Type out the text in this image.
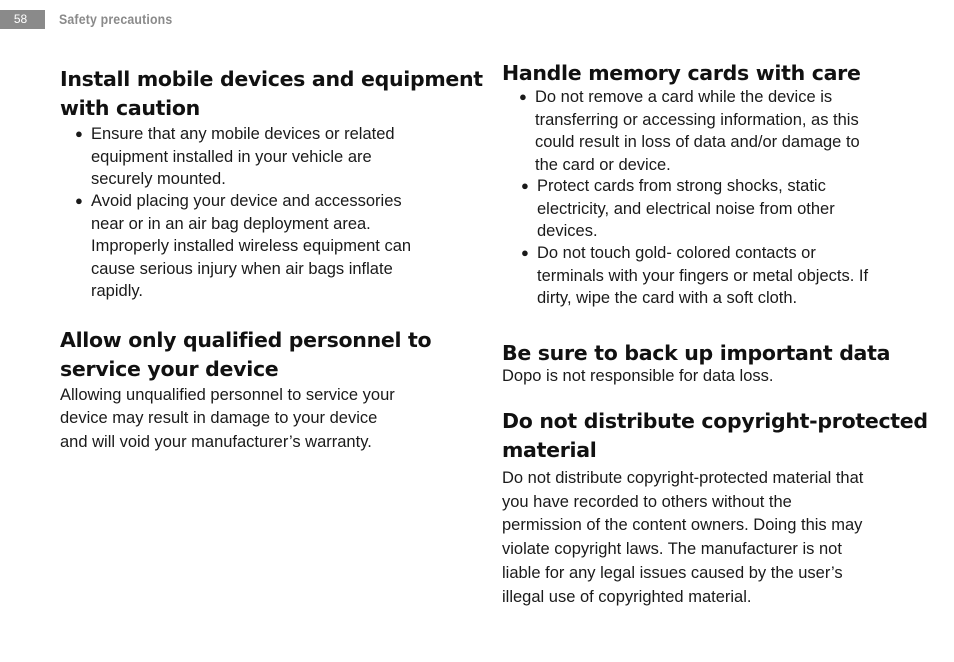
58	Safety precautions
Install mobile devices and equipment
with caution
● Ensure that any mobile devices or related
equipment installed in your vehicle are
securely mounted.
● Avoid placing your device and accessories
near or in an air bag deployment area.
Improperly installed wireless equipment can
cause serious injury when air bags inflate
rapidly.
Allow only qualified personnel to
service your device
Allowing unqualified personnel to service your
device may result in damage to your device
and will void your manufacturer’s warranty.
Handle memory cards with care
● Do not remove a card while the device is
transferring or accessing information, as this
could result in loss of data and/or damage to
the card or device.
● Protect cards from strong shocks, static
electricity, and electrical noise from other
devices.
● Do not touch gold- colored contacts or
terminals with your fingers or metal objects. If
dirty, wipe the card with a soft cloth.
Be sure to back up important data
Dopo is not responsible for data loss.
Do not distribute copyright-protected
material
Do not distribute copyright-protected material that
you have recorded to others without the
permission of the content owners. Doing this may
violate copyright laws. The manufacturer is not
liable for any legal issues caused by the user’s
illegal use of copyrighted material.
